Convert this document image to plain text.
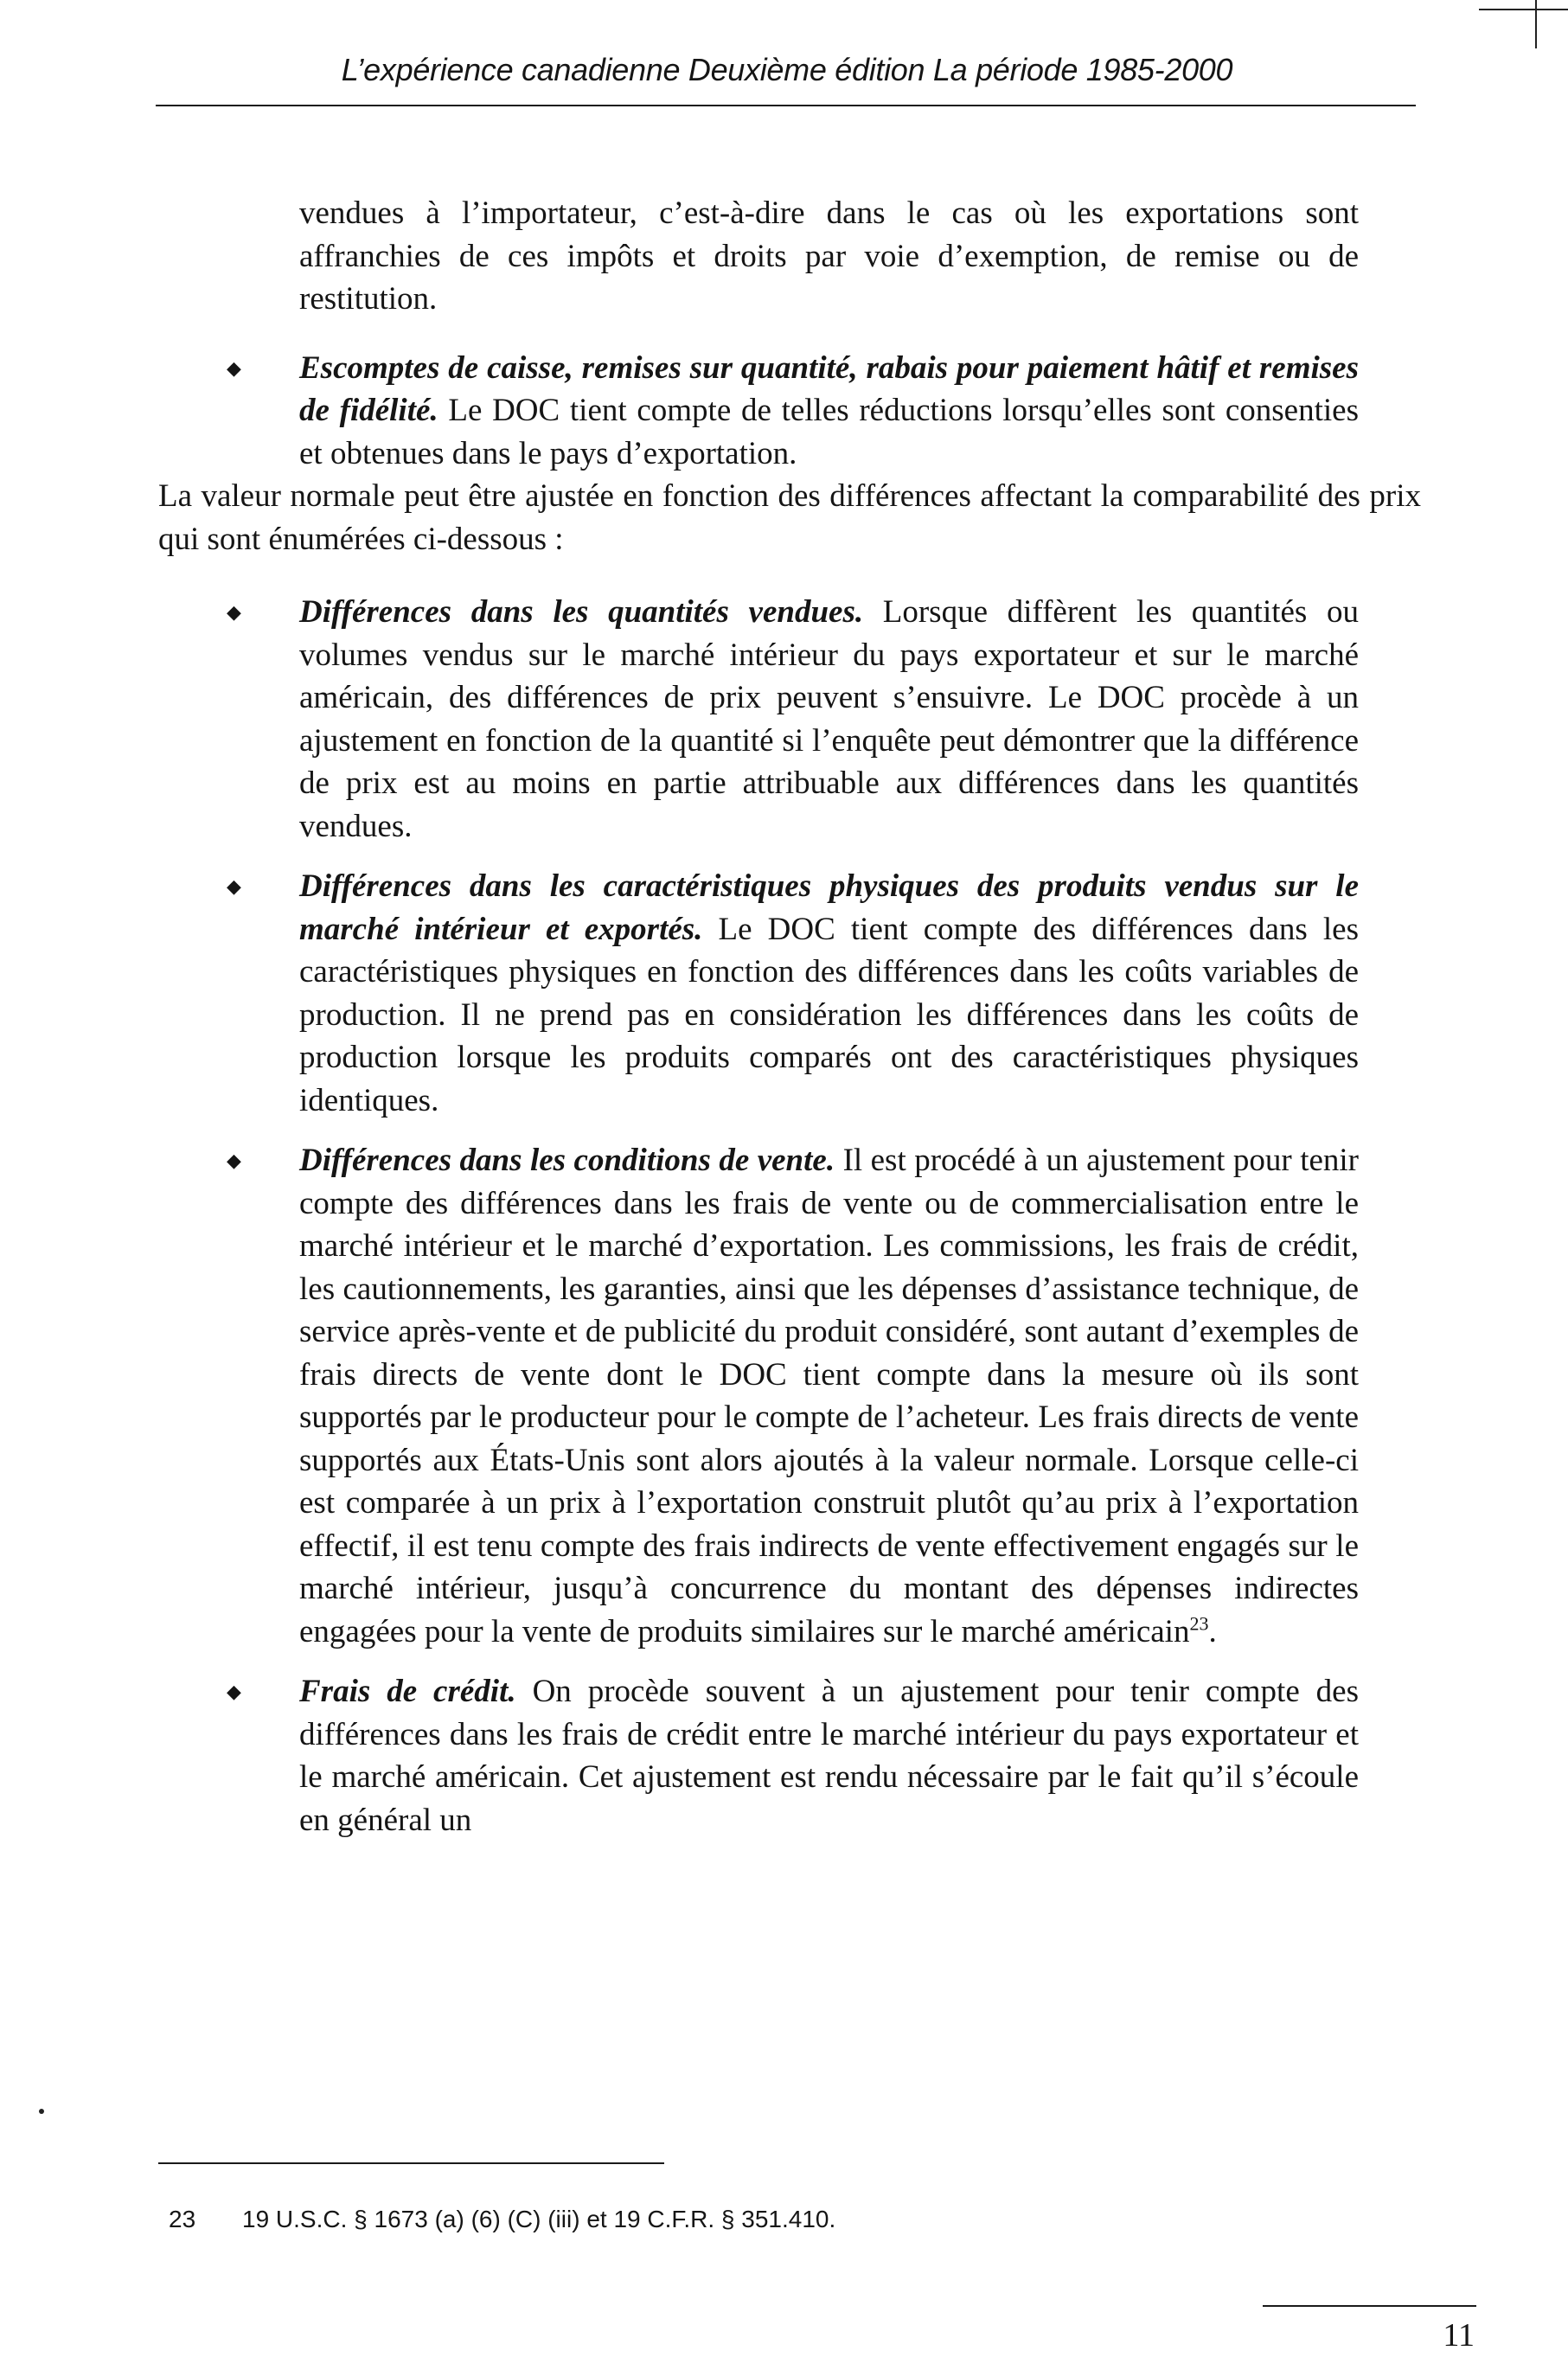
L’expérience canadienne Deuxième édition La période 1985-2000

vendues à l’importateur, c’est-à-dire dans le cas où les exportations sont affranchies de ces impôts et droits par voie d’exemption, de remise ou de restitution.

◆ Escomptes de caisse, remises sur quantité, rabais pour paiement hâtif et remises de fidélité. Le DOC tient compte de telles réductions lorsqu’elles sont consenties et obtenues dans le pays d’exportation.

La valeur normale peut être ajustée en fonction des différences affectant la comparabilité des prix qui sont énumérées ci-dessous :

◆ Différences dans les quantités vendues. Lorsque diffèrent les quantités ou volumes vendus sur le marché intérieur du pays exportateur et sur le marché américain, des différences de prix peuvent s’ensuivre. Le DOC procède à un ajustement en fonction de la quantité si l’enquête peut démontrer que la différence de prix est au moins en partie attribuable aux différences dans les quantités vendues.

◆ Différences dans les caractéristiques physiques des produits vendus sur le marché intérieur et exportés. Le DOC tient compte des différences dans les caractéristiques physiques en fonction des différences dans les coûts variables de production. Il ne prend pas en considération les différences dans les coûts de production lorsque les produits comparés ont des caractéristiques physiques identiques.

◆ Différences dans les conditions de vente. Il est procédé à un ajustement pour tenir compte des différences dans les frais de vente ou de commercialisation entre le marché intérieur et le marché d’exportation. Les commissions, les frais de crédit, les cautionnements, les garanties, ainsi que les dépenses d’assistance technique, de service après-vente et de publicité du produit considéré, sont autant d’exemples de frais directs de vente dont le DOC tient compte dans la mesure où ils sont supportés par le producteur pour le compte de l’acheteur. Les frais directs de vente supportés aux États-Unis sont alors ajoutés à la valeur normale. Lorsque celle-ci est comparée à un prix à l’exportation construit plutôt qu’au prix à l’exportation effectif, il est tenu compte des frais indirects de vente effectivement engagés sur le marché intérieur, jusqu’à concurrence du montant des dépenses indirectes engagées pour la vente de produits similaires sur le marché américain$^{23}$.

◆ Frais de crédit. On procède souvent à un ajustement pour tenir compte des différences dans les frais de crédit entre le marché intérieur du pays exportateur et le marché américain. Cet ajustement est rendu nécessaire par le fait qu’il s’écoule en général un

23 19 U.S.C. § 1673 (a) (6) (C) (iii) et 19 C.F.R. § 351.410.
11
